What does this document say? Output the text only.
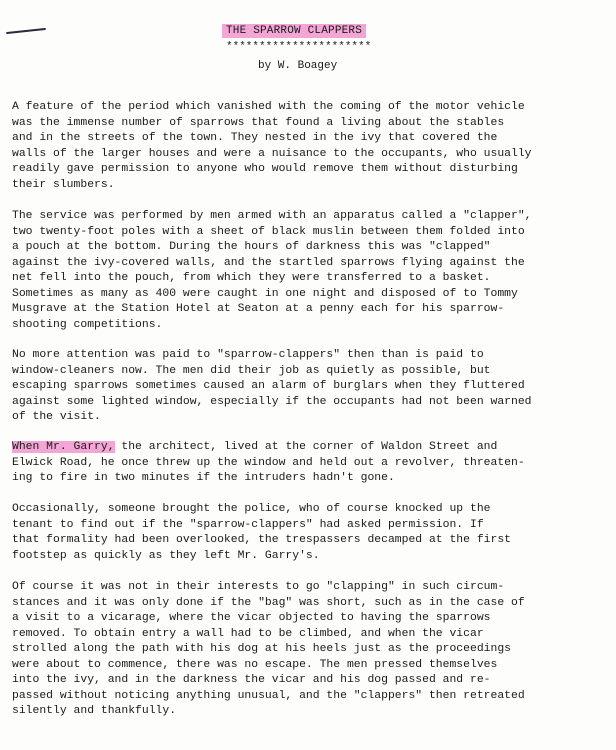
THE SPARROW CLAPPERS
**********************
by W. Boagey
A feature of the period which vanished with the coming of the motor vehicle
was the immense number of sparrows that found a living about the stables
and in the streets of the town. They nested in the ivy that covered the
walls of the larger houses and were a nuisance to the occupants, who usually
readily gave permission to anyone who would remove them without disturbing
their slumbers.
The service was performed by men armed with an apparatus called a "clapper",
two twenty-foot poles with a sheet of black muslin between them folded into
a pouch at the bottom. During the hours of darkness this was "clapped"
against the ivy-covered walls, and the startled sparrows flying against the
net fell into the pouch, from which they were transferred to a basket.
Sometimes as many as 400 were caught in one night and disposed of to Tommy
Musgrave at the Station Hotel at Seaton at a penny each for his sparrow-
shooting competitions.
No more attention was paid to "sparrow-clappers" then than is paid to
window-cleaners now. The men did their job as quietly as possible, but
escaping sparrows sometimes caused an alarm of burglars when they fluttered
against some lighted window, especially if the occupants had not been warned
of the visit.
When Mr. Garry, the architect, lived at the corner of Waldon Street and
Elwick Road, he once threw up the window and held out a revolver, threaten-
ing to fire in two minutes if the intruders hadn't gone.
Occasionally, someone brought the police, who of course knocked up the
tenant to find out if the "sparrow-clappers" had asked permission. If
that formality had been overlooked, the trespassers decamped at the first
footstep as quickly as they left Mr. Garry's.
Of course it was not in their interests to go "clapping" in such circum-
stances and it was only done if the "bag" was short, such as in the case of
a visit to a vicarage, where the vicar objected to having the sparrows
removed. To obtain entry a wall had to be climbed, and when the vicar
strolled along the path with his dog at his heels just as the proceedings
were about to commence, there was no escape. The men pressed themselves
into the ivy, and in the darkness the vicar and his dog passed and re-
passed without noticing anything unusual, and the "clappers" then retreated
silently and thankfully.
